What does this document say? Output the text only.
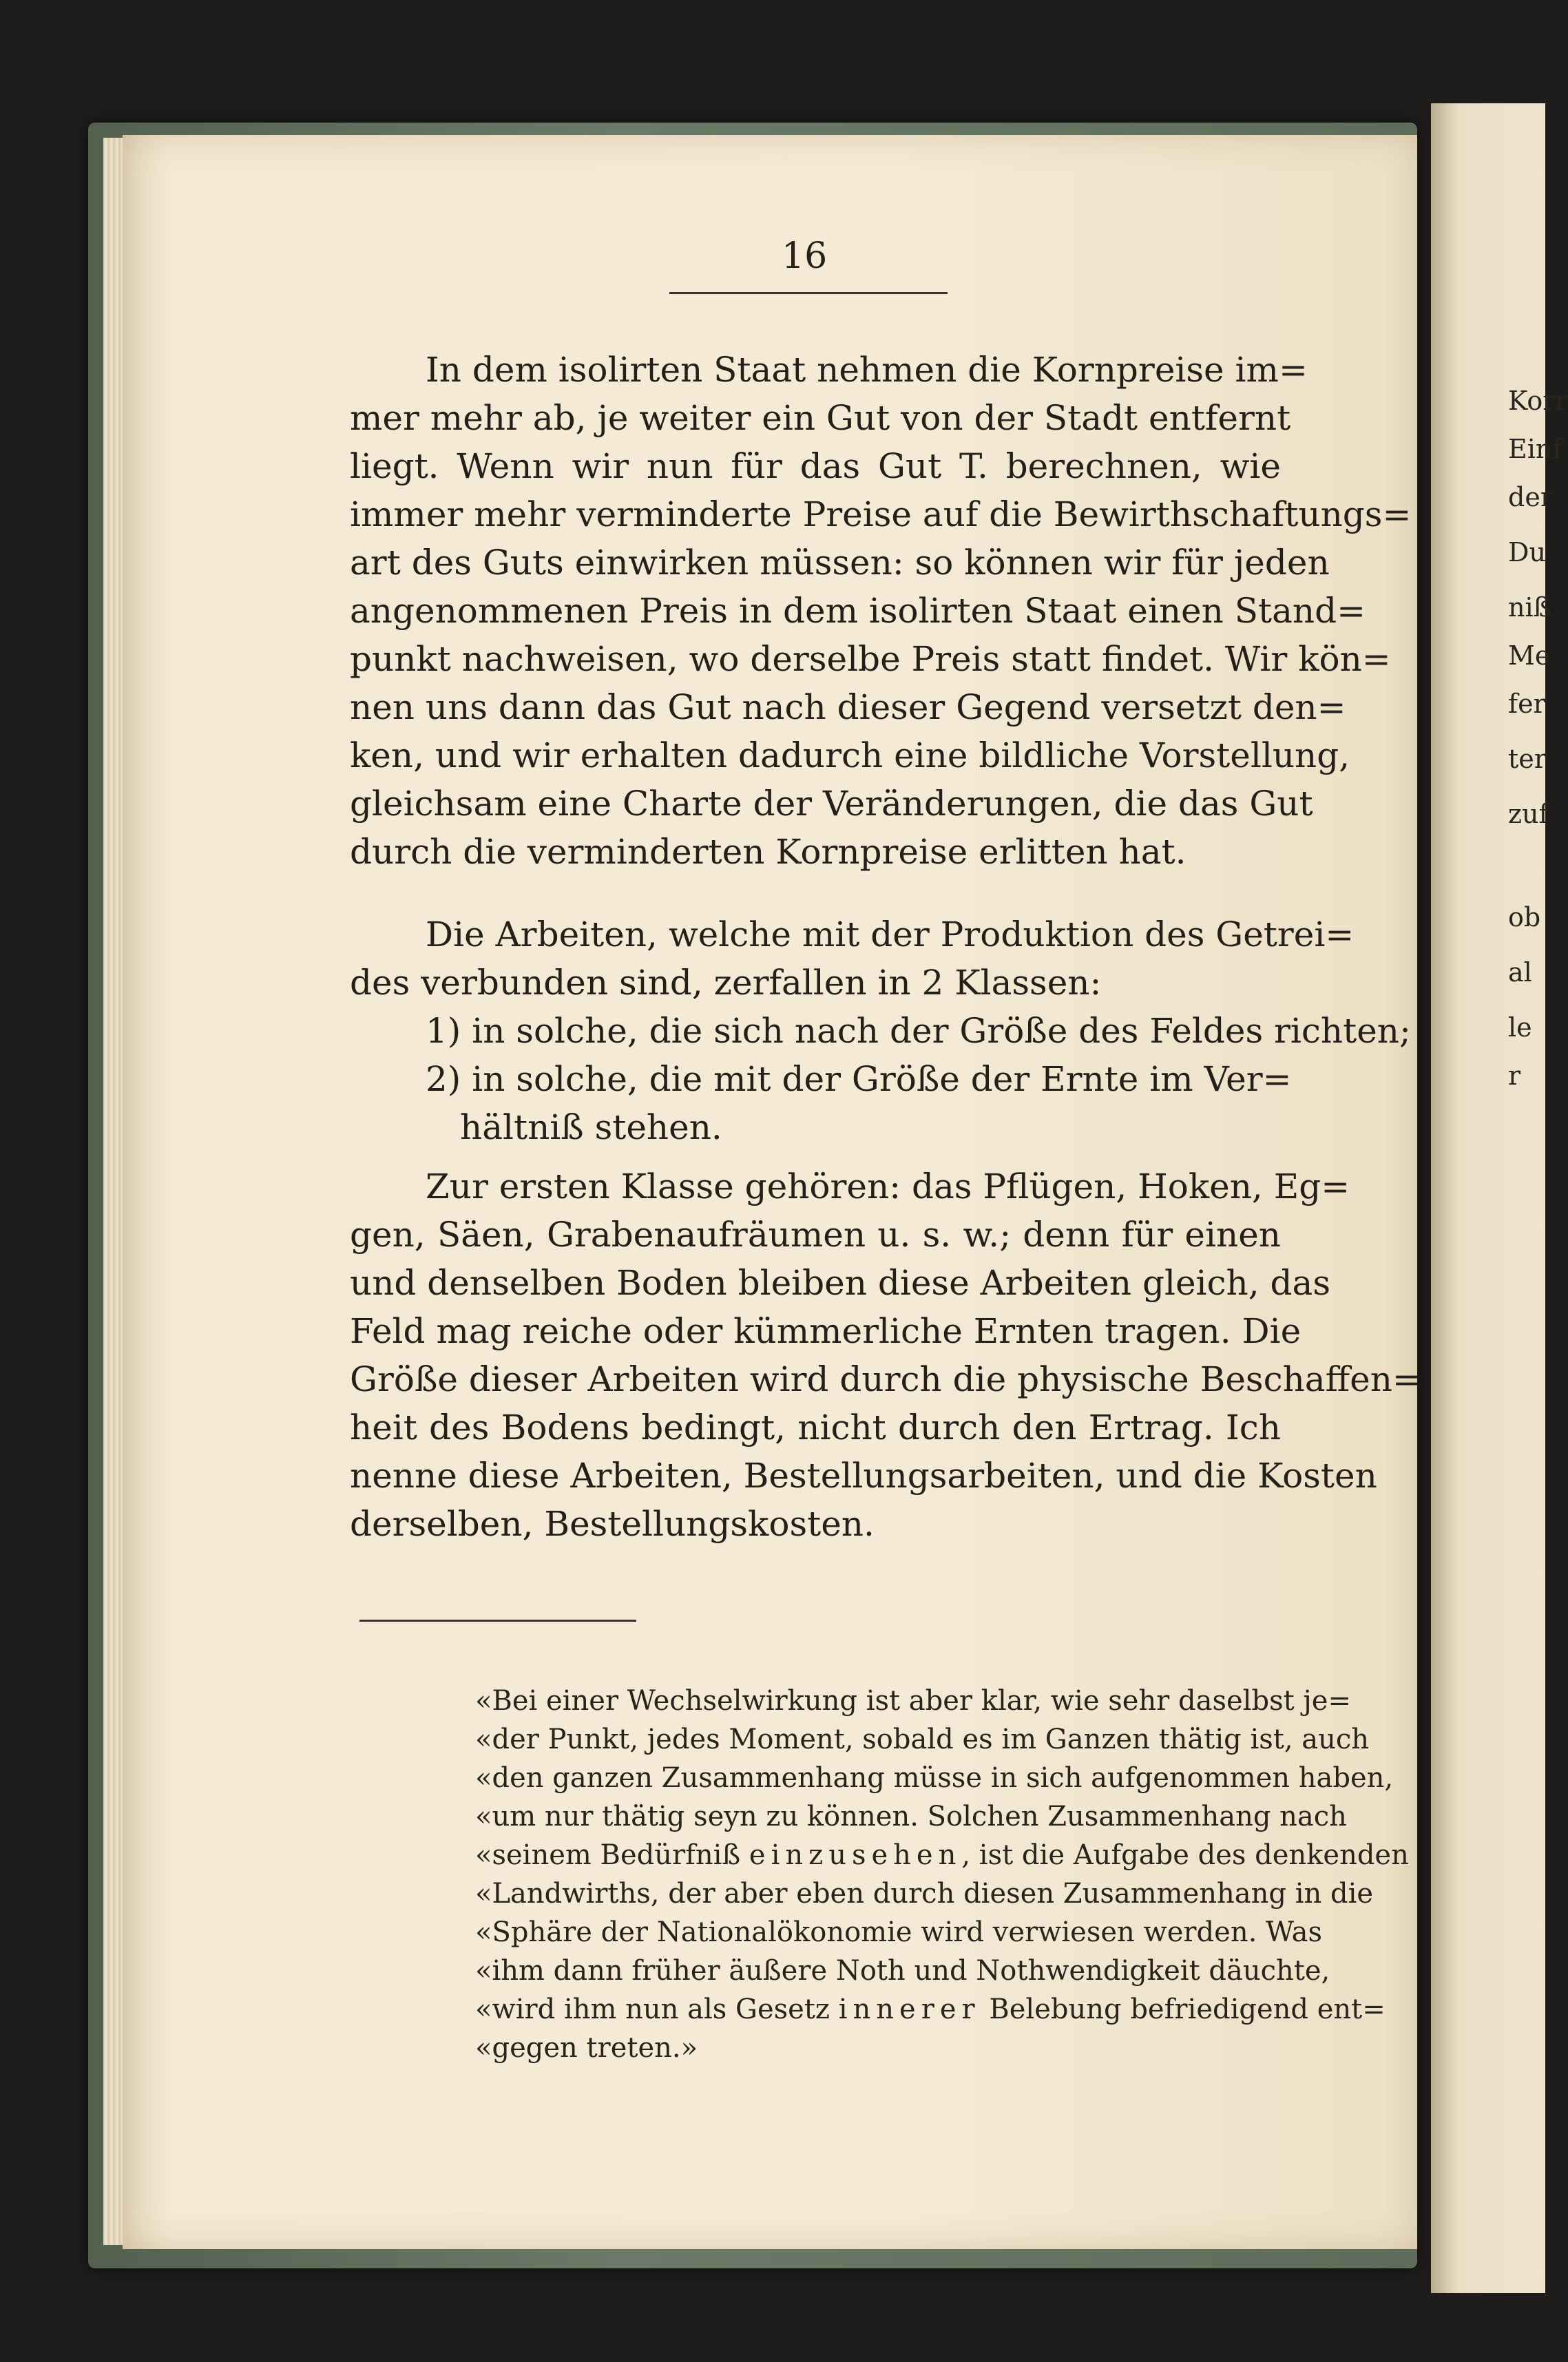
Korr
Einf
der
Du
niß
Me
fer
ter
zuf
ob
al
le
r
16
In dem isolirten Staat nehmen die Kornpreise im=
mer mehr ab, je weiter ein Gut von der Stadt entfernt
liegt. Wenn wir nun für das Gut T. berechnen, wie
immer mehr verminderte Preise auf die Bewirthschaftungs=
art des Guts einwirken müssen: so können wir für jeden
angenommenen Preis in dem isolirten Staat einen Stand=
punkt nachweisen, wo derselbe Preis statt findet. Wir kön=
nen uns dann das Gut nach dieser Gegend versetzt den=
ken, und wir erhalten dadurch eine bildliche Vorstellung,
gleichsam eine Charte der Veränderungen, die das Gut
durch die verminderten Kornpreise erlitten hat.
Die Arbeiten, welche mit der Produktion des Getrei=
des verbunden sind, zerfallen in 2 Klassen:
1) in solche, die sich nach der Größe des Feldes richten;
2) in solche, die mit der Größe der Ernte im Ver=
hältniß stehen.
Zur ersten Klasse gehören: das Pflügen, Hoken, Eg=
gen, Säen, Grabenaufräumen u. s. w.; denn für einen
und denselben Boden bleiben diese Arbeiten gleich, das
Feld mag reiche oder kümmerliche Ernten tragen. Die
Größe dieser Arbeiten wird durch die physische Beschaffen=
heit des Bodens bedingt, nicht durch den Ertrag. Ich
nenne diese Arbeiten, Bestellungsarbeiten, und die Kosten
derselben, Bestellungskosten.
«Bei einer Wechselwirkung ist aber klar, wie sehr daselbst je=
«der Punkt, jedes Moment, sobald es im Ganzen thätig ist, auch
«den ganzen Zusammenhang müsse in sich aufgenommen haben,
«um nur thätig seyn zu können. Solchen Zusammenhang nach
«seinem Bedürfniß einzusehen, ist die Aufgabe des denkenden
«Landwirths, der aber eben durch diesen Zusammenhang in die
«Sphäre der Nationalökonomie wird verwiesen werden. Was
«ihm dann früher äußere Noth und Nothwendigkeit däuchte,
«wird ihm nun als Gesetz innerer Belebung befriedigend ent=
«gegen treten.»
